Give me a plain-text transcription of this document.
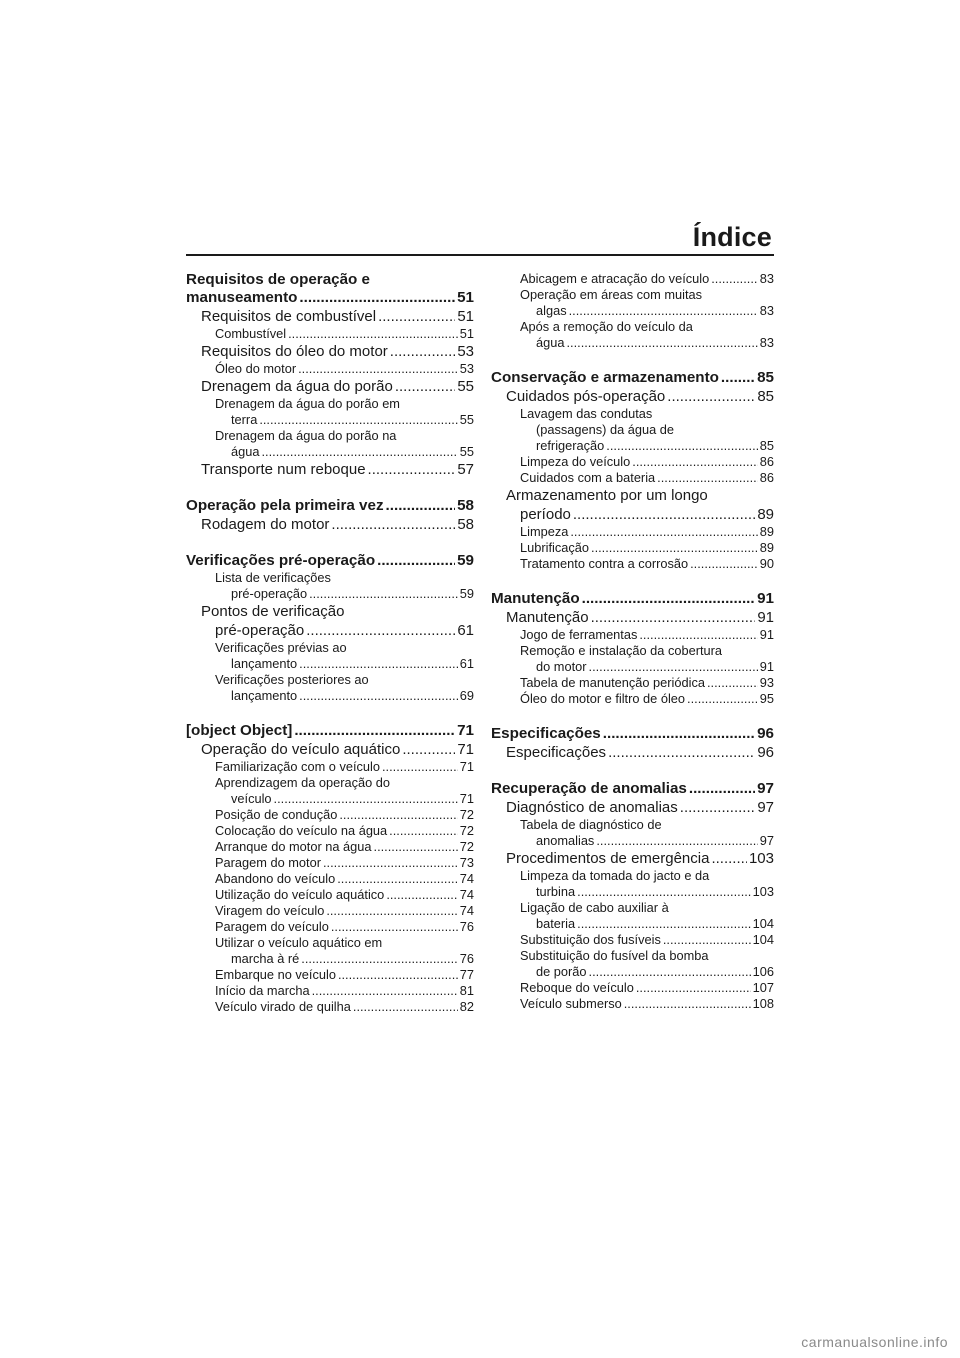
Índice
Requisitos de operação e
manuseamento .....	51
Requisitos de combustível .....	51
Combustível .....	51
Requisitos do óleo do motor .....	53
Óleo do motor .....	53
Drenagem da água do porão .....	55
Drenagem da água do porão em
terra .....	55
Drenagem da água do porão na
água .....	55
Transporte num reboque .....	57
Operação pela primeira vez .....	58
Rodagem do motor .....	58
Verificações pré-operação .....	59
Lista de verificações
pré-operação .....	59
Pontos de verificação
pré-operação .....	61
Verificações prévias ao
lançamento .....	61
Verificações posteriores ao
lançamento .....	69
[object Object] .....	71
Operação do veículo aquático .....	71
Familiarização com o veículo .....	71
Aprendizagem da operação do
veículo .....	71
Posição de condução .....	72
Colocação do veículo na água .....	72
Arranque do motor na água .....	72
Paragem do motor .....	73
Abandono do veículo .....	74
Utilização do veículo aquático .....	74
Viragem do veículo .....	74
Paragem do veículo .....	76
Utilizar o veículo aquático em
marcha à ré .....	76
Embarque no veículo .....	77
Início da marcha .....	81
Veículo virado de quilha .....	82
Abicagem e atracação do veículo .....	83
Operação em áreas com muitas
algas .....	83
Após a remoção do veículo da
água .....	83
Conservação e armazenamento .....	85
Cuidados pós-operação .....	85
Lavagem das condutas
(passagens) da água de
refrigeração .....	85
Limpeza do veículo .....	86
Cuidados com a bateria .....	86
Armazenamento por um longo
período .....	89
Limpeza .....	89
Lubrificação .....	89
Tratamento contra a corrosão .....	90
Manutenção .....	91
Manutenção .....	91
Jogo de ferramentas .....	91
Remoção e instalação da cobertura
do motor .....	91
Tabela de manutenção periódica .....	93
Óleo do motor e filtro de óleo .....	95
Especificações .....	96
Especificações .....	96
Recuperação de anomalias .....	97
Diagnóstico de anomalias .....	97
Tabela de diagnóstico de
anomalias .....	97
Procedimentos de emergência .....	103
Limpeza da tomada do jacto e da
turbina .....	103
Ligação de cabo auxiliar à
bateria .....	104
Substituição dos fusíveis .....	104
Substituição do fusível da bomba
de porão .....	106
Reboque do veículo .....	107
Veículo submerso .....	108
carmanualsonline.info
